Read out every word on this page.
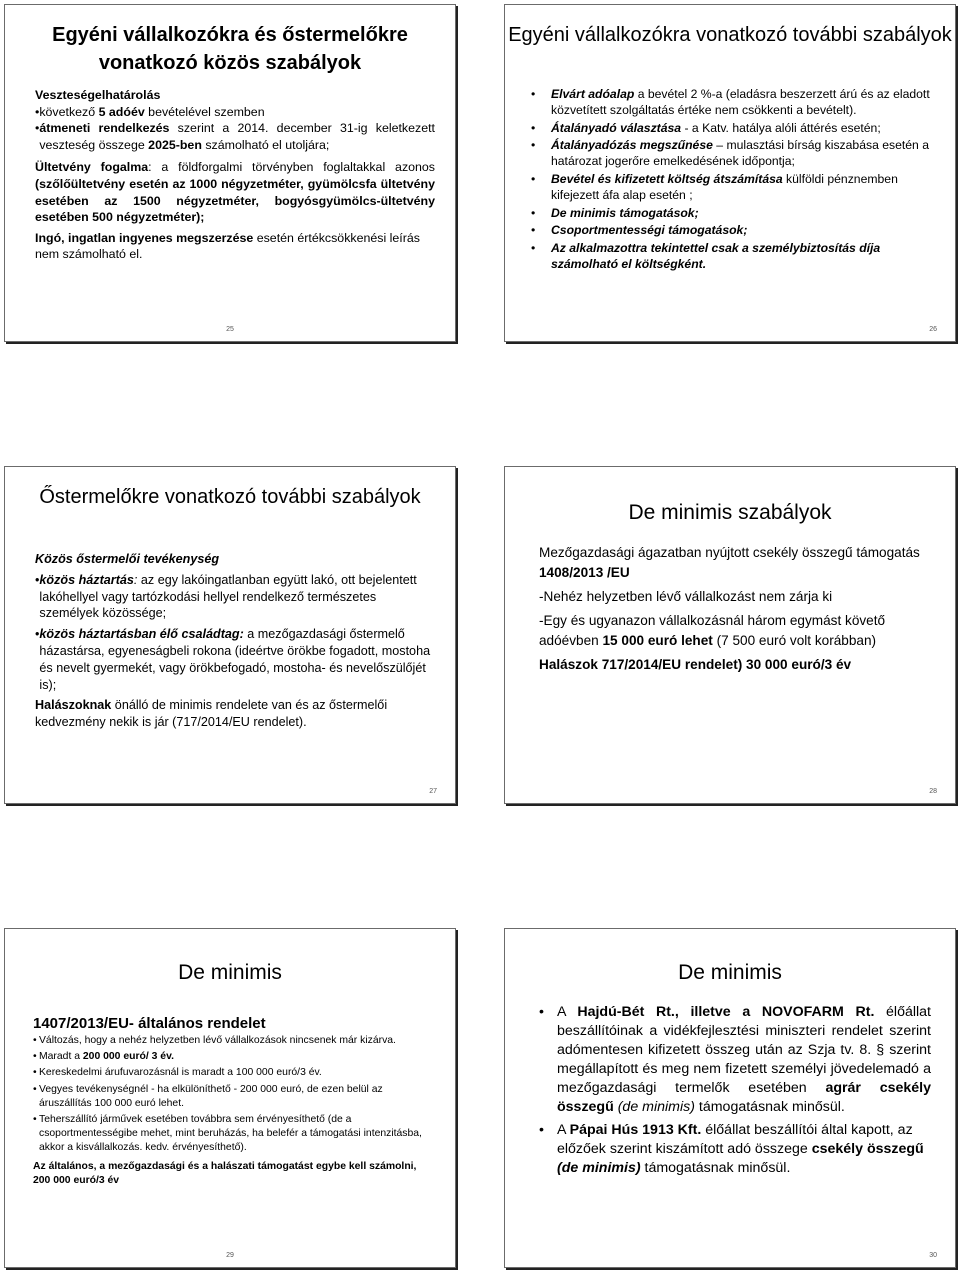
Egyéni vállalkozókra és őstermelőkre vonatkozó közös szabályok

Veszteségelhatárolás

• következő 5 adóév bevételével szemben
• átmeneti rendelkezés szerint a 2014. december 31-ig keletkezett veszteség összege 2025-ben számolható el utoljára;

Ültetvény fogalma: a földforgalmi törvényben foglaltakkal azonos (szőlőültetvény esetén az 1000 négyzetméter, gyümölcsfa ültetvény esetében az 1500 négyzetméter, bogyósgyümölcs-ültetvény esetében 500 négyzetméter);

Ingó, ingatlan ingyenes megszerzése esetén értékcsökkenési leírás nem számolható el.

25
Egyéni vállalkozókra vonatkozó további szabályok
•	Elvárt adóalap a bevétel 2 %-a (eladásra beszerzett árú és az eladott közvetített szolgáltatás értéke nem csökkenti a bevételt).
•	Átalányadó választása - a Katv. hatálya alóli áttérés esetén;
•	Átalányadózás megszűnése – mulasztási bírság kiszabása esetén a határozat jogerőre emelkedésének időpontja;
•	Bevétel és kifizetett költség átszámítása külföldi pénznemben kifejezett áfa alap esetén ;
•	De minimis támogatások;
•	Csoportmentességi támogatások;
•	Az alkalmazottra tekintettel csak a személybiztosítás díja számolható el költségként.
26
Őstermelőkre vonatkozó további szabályok

Közös őstermelői tevékenység

• közös háztartás: az egy lakóingatlanban együtt lakó, ott bejelentett lakóhellyel vagy tartózkodási hellyel rendelkező természetes személyek közössége;
• közös háztartásban élő családtag: a mezőgazdasági őstermelő házastársa, egyeneságbeli rokona (ideértve örökbe fogadott, mostoha és nevelt gyermekét, vagy örökbefogadó, mostoha- és nevelőszülőjét is);

Halászoknak önálló de minimis rendelete van és az őstermelői kedvezmény nekik is jár (717/2014/EU rendelet).

27
De minimis szabályok

Mezőgazdasági ágazatban nyújtott csekély összegű támogatás 1408/2013 /EU

-Nehéz helyzetben lévő vállalkozást nem zárja ki

-Egy és ugyanazon vállalkozásnál három egymást követő adóévben 15 000 euró lehet (7 500 euró volt korábban)

Halászok 717/2014/EU rendelet) 30 000 euró/3 év

28
De minimis
1407/2013/EU- általános rendelet
• Változás, hogy a nehéz helyzetben lévő vállalkozások nincsenek már kizárva.
• Maradt a 200 000 euró/ 3 év.
• Kereskedelmi árufuvarozásnál is maradt a 100 000 euró/3 év.
• Vegyes tevékenységnél - ha elkülöníthető - 200 000 euró, de ezen belül az áruszállítás 100 000 euró lehet.
• Teherszállító járművek esetében továbbra sem érvényesíthető (de a csoportmentességibe mehet, mint beruházás, ha belefér a támogatási intenzitásba, akkor a kisvállalkozás. kedv. érvényesíthető).

Az általános, a mezőgazdasági és a halászati támogatást egybe kell számolni, 200 000 euró/3 év

29
De minimis
• A Hajdú-Bét Rt., illetve a NOVOFARM Rt. élőállat beszállítóinak a vidékfejlesztési miniszteri rendelet szerint adómentesen kifizetett összeg után az Szja tv. 8. § szerint megállapított és meg nem fizetett személyi jövedelemadó a mezőgazdasági termelők esetében agrár csekély összegű (de minimis) támogatásnak minősül.
• A Pápai Hús 1913 Kft. élőállat beszállítói által kapott, az előzőek szerint kiszámított adó összege csekély összegű (de minimis) támogatásnak minősül.
30
